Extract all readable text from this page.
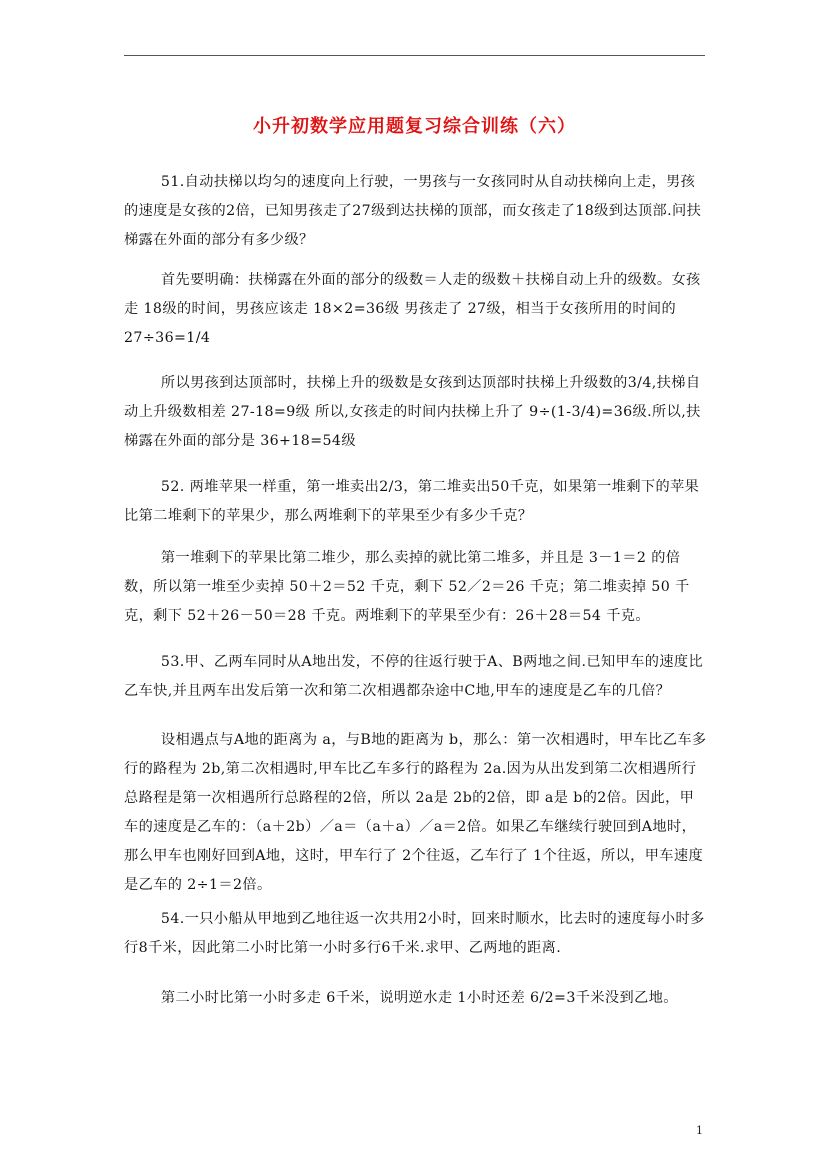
小升初数学应用题复习综合训练（六）

51.自动扶梯以均匀的速度向上行驶，一男孩与一女孩同时从自动扶梯向上走，男孩的速度是女孩的2倍，已知男孩走了27级到达扶梯的顶部，而女孩走了18级到达顶部.问扶梯露在外面的部分有多少级？

首先要明确：扶梯露在外面的部分的级数＝人走的级数＋扶梯自动上升的级数。女孩走 18级的时间，男孩应该走 18×2=36级 男孩走了 27级，相当于女孩所用的时间的27÷36=1/4

所以男孩到达顶部时，扶梯上升的级数是女孩到达顶部时扶梯上升级数的3/4,扶梯自动上升级数相差 27-18=9级 所以,女孩走的时间内扶梯上升了 9÷(1-3/4)=36级.所以,扶梯露在外面的部分是 36+18=54级

52. 两堆苹果一样重，第一堆卖出2/3，第二堆卖出50千克，如果第一堆剩下的苹果比第二堆剩下的苹果少，那么两堆剩下的苹果至少有多少千克？

第一堆剩下的苹果比第二堆少，那么卖掉的就比第二堆多，并且是 3－1＝2 的倍数，所以第一堆至少卖掉 50＋2＝52 千克，剩下 52／2＝26 千克；第二堆卖掉 50 千克，剩下 52＋26－50＝28 千克。两堆剩下的苹果至少有：26＋28＝54 千克。

53.甲、乙两车同时从A地出发，不停的往返行驶于A、B两地之间.已知甲车的速度比乙车快,并且两车出发后第一次和第二次相遇都杂途中C地,甲车的速度是乙车的几倍？

设相遇点与A地的距离为 a，与B地的距离为 b，那么：第一次相遇时，甲车比乙车多行的路程为 2b,第二次相遇时,甲车比乙车多行的路程为 2a.因为从出发到第二次相遇所行总路程是第一次相遇所行总路程的2倍，所以 2a是 2b的2倍，即 a是 b的2倍。因此，甲车的速度是乙车的：（a＋2b）／a＝（a＋a）／a＝2倍。如果乙车继续行驶回到A地时，那么甲车也刚好回到A地，这时，甲车行了 2个往返，乙车行了 1个往返，所以，甲车速度是乙车的 2÷1＝2倍。

54.一只小船从甲地到乙地往返一次共用2小时，回来时顺水，比去时的速度每小时多行8千米，因此第二小时比第一小时多行6千米.求甲、乙两地的距离.

第二小时比第一小时多走 6千米，说明逆水走 1小时还差 6/2=3千米没到乙地。

1
